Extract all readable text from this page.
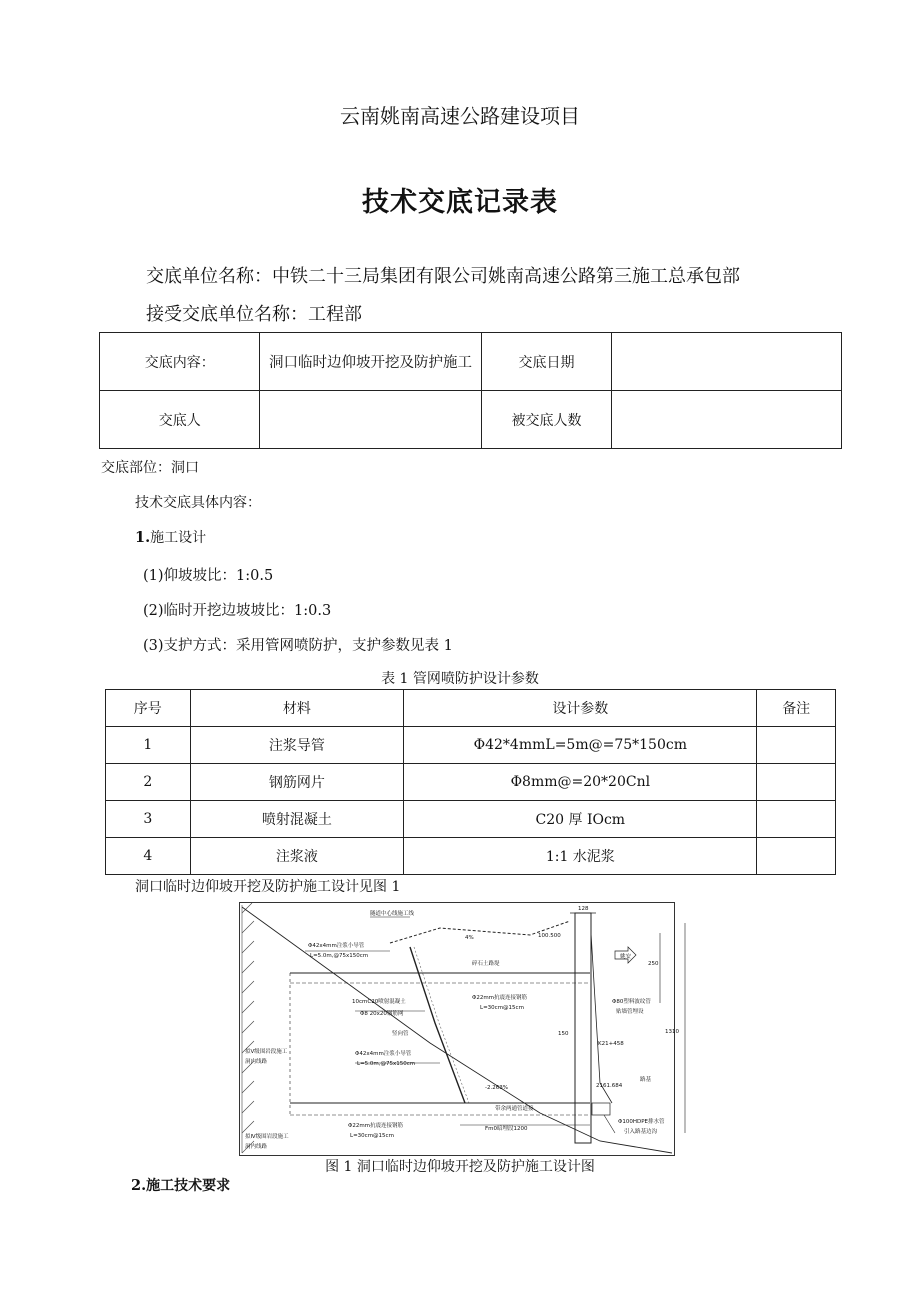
云南姚南高速公路建设项目
技术交底记录表
交底单位名称：中铁二十三局集团有限公司姚南高速公路第三施工总承包部
接受交底单位名称：工程部
交底内容：	洞口临时边仰坡开挖及防护施工	交底日期	
交底人		被交底人数	
交底部位：洞口
技术交底具体内容：
1.施工设计
(1)仰坡坡比：1:0.5
(2)临时开挖边坡坡比：1:0.3
(3)支护方式：采用管网喷防护，支护参数见表 1
表 1 管网喷防护设计参数
序号	材料	设计参数	备注
1	注浆导管	Φ42*4mmL=5m@=75*150cm	
2	钢筋网片	Φ8mm@=20*20Cnl	
3	喷射混凝土	C20 厚 IOcm	
4	注浆液	1:1 水泥浆	
洞口临时边仰坡开挖及防护施工设计见图 1
隧道中心线施工线
Φ42x4mm注浆小导管
L=5.0m,@75x150cm
4%	100.500
碎石土路堤
10cmC20喷射混凝土
Φ8 20x20钢筋网
Φ22mm抗震连接钢筋
L=30cm@15cm
Φ42x4mm注浆小导管
L=5.0m,@75x150cm
-2.263%
带余两通管道接
Φ22mm抗震连接钢筋
L=30cm@15cm
Fm0暗埋段1200
Φ80塑料波纹管
贴墙管埋设
Φ100HDPE排水管
引入路基边沟
2161.684
K21+458
路基
姚安
128
1310
250
150
拟Ⅴ级围岩段施工
洞内线路
拟Ⅳ级围岩段施工
洞内线路
竖向管
图 1 洞口临时边仰坡开挖及防护施工设计图
2.施工技术要求
